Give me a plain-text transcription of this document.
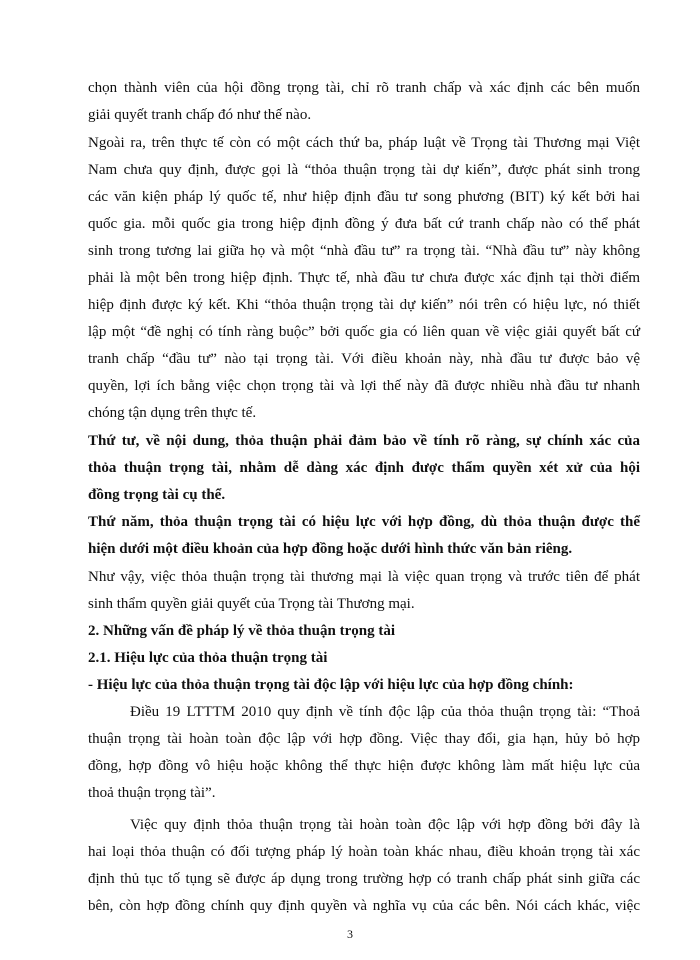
chọn thành viên của hội đồng trọng tài, chỉ rõ tranh chấp và xác định các bên muốn
giải quyết tranh chấp đó như thế nào.
Ngoài ra, trên thực tế còn có một cách thứ ba, pháp luật về Trọng tài Thương mại Việt
Nam chưa quy định, được gọi là “thỏa thuận trọng tài dự kiến”, được phát sinh trong
các văn kiện pháp lý quốc tế, như hiệp định đầu tư song phương (BIT) ký kết bởi hai
quốc gia. mỗi quốc gia trong hiệp định đồng ý đưa bất cứ tranh chấp nào có thể phát
sinh trong tương lai giữa họ và một “nhà đầu tư” ra trọng tài. “Nhà đầu tư” này không
phải là một bên trong hiệp định. Thực tế, nhà đầu tư chưa được xác định tại thời điểm
hiệp định được ký kết. Khi “thỏa thuận trọng tài dự kiến” nói trên có hiệu lực, nó thiết
lập một “đề nghị có tính ràng buộc” bởi quốc gia có liên quan về việc giải quyết bất cứ
tranh chấp “đầu tư” nào tại trọng tài. Với điều khoản này, nhà đầu tư được bảo vệ
quyền, lợi ích bằng việc chọn trọng tài và lợi thế này đã được nhiều nhà đầu tư nhanh
chóng tận dụng trên thực tế.
Thứ tư, về nội dung, thỏa thuận phải đảm bảo về tính rõ ràng, sự chính xác của
thỏa thuận trọng tài, nhằm dễ dàng xác định được thẩm quyền xét xử của hội
đồng trọng tài cụ thể.
Thứ năm, thỏa thuận trọng tài có hiệu lực với hợp đồng, dù thỏa thuận được thể
hiện dưới một điều khoản của hợp đồng hoặc dưới hình thức văn bản riêng.
Như vậy, việc thỏa thuận trọng tài thương mại là việc quan trọng và trước tiên để phát
sinh thẩm quyền giải quyết của Trọng tài Thương mại.
2. Những vấn đề pháp lý về thỏa thuận trọng tài
2.1. Hiệu lực của thỏa thuận trọng tài
- Hiệu lực của thỏa thuận trọng tài độc lập với hiệu lực của hợp đồng chính:
Điều 19 LTTTM 2010 quy định về tính độc lập của thỏa thuận trọng tài: “Thoả
thuận trọng tài hoàn toàn độc lập với hợp đồng. Việc thay đổi, gia hạn, hủy bỏ hợp
đồng, hợp đồng vô hiệu hoặc không thể thực hiện được không làm mất hiệu lực của
thoả thuận trọng tài”.
Việc quy định thỏa thuận trọng tài hoàn toàn độc lập với hợp đồng bởi đây là
hai loại thỏa thuận có đối tượng pháp lý hoàn toàn khác nhau, điều khoản trọng tài xác
định thủ tục tố tụng sẽ được áp dụng trong trường hợp có tranh chấp phát sinh giữa các
bên, còn hợp đồng chính quy định quyền và nghĩa vụ của các bên. Nói cách khác, việc
3
